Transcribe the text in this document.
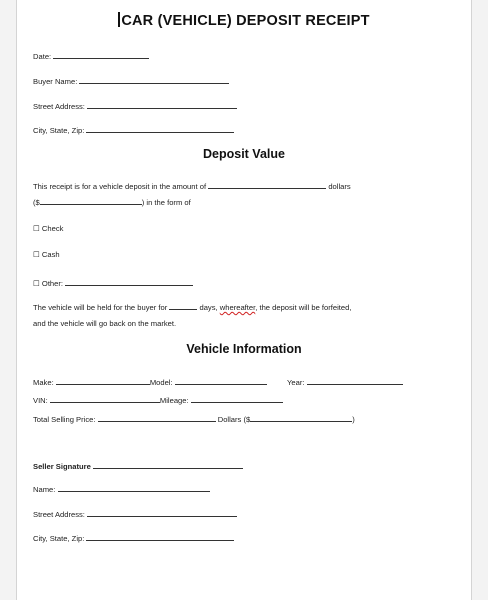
CAR (VEHICLE) DEPOSIT RECEIPT
Date:
Buyer Name:
Street Address:
City, State, Zip:
Deposit Value
This receipt is for a vehicle deposit in the amount of	dollars
($	) in the form of
☐ Check
☐ Cash
☐ Other:
The vehicle will be held for the buyer for	days, whereafter, the deposit will be forfeited,
and the vehicle will go back on the market.
Vehicle Information
Make:	Model:	Year:
VIN:	Mileage:
Total Selling Price:	Dollars ($	)
Seller Signature
Name:
Street Address:
City, State, Zip:
